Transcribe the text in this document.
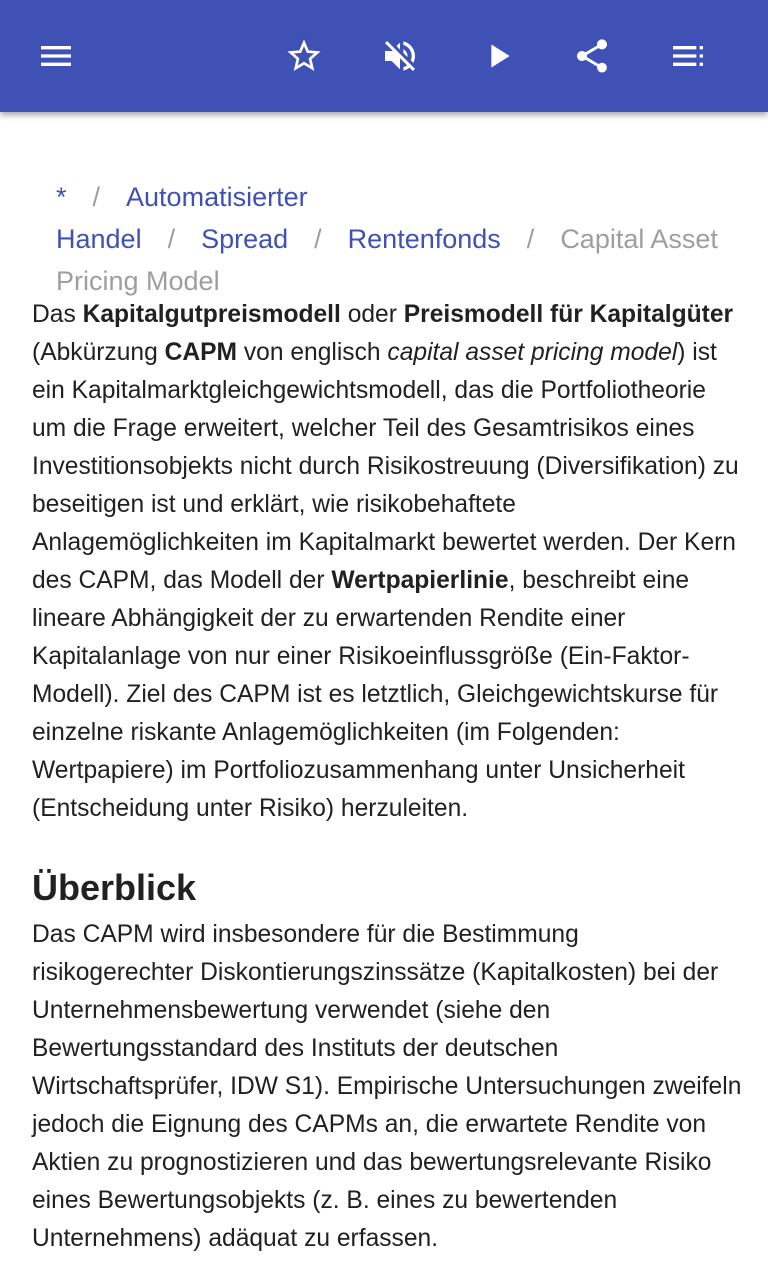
* / Automatisierter Handel / Spread / Rentenfonds / Capital Asset Pricing Model

Das Kapitalgutpreismodell oder Preismodell für Kapitalgüter (Abkürzung CAPM von englisch capital asset pricing model) ist ein Kapitalmarktgleichgewichtsmodell, das die Portfoliotheorie um die Frage erweitert, welcher Teil des Gesamtrisikos eines Investitionsobjekts nicht durch Risikostreuung (Diversifikation) zu beseitigen ist und erklärt, wie risikobehaftete Anlagemöglichkeiten im Kapitalmarkt bewertet werden. Der Kern des CAPM, das Modell der Wertpapierlinie, beschreibt eine lineare Abhängigkeit der zu erwartenden Rendite einer Kapitalanlage von nur einer Risikoeinflussgröße (Ein-Faktor-Modell). Ziel des CAPM ist es letztlich, Gleichgewichtskurse für einzelne riskante Anlagemöglichkeiten (im Folgenden: Wertpapiere) im Portfoliozusammenhang unter Unsicherheit (Entscheidung unter Risiko) herzuleiten.

Überblick

Das CAPM wird insbesondere für die Bestimmung risikogerechter Diskontierungszinssätze (Kapitalkosten) bei der Unternehmensbewertung verwendet (siehe den Bewertungsstandard des Instituts der deutschen Wirtschaftsprüfer, IDW S1). Empirische Untersuchungen zweifeln jedoch die Eignung des CAPMs an, die erwartete Rendite von Aktien zu prognostizieren und das bewertungsrelevante Risiko eines Bewertungsobjekts (z. B. eines zu bewertenden Unternehmens) adäquat zu erfassen.
